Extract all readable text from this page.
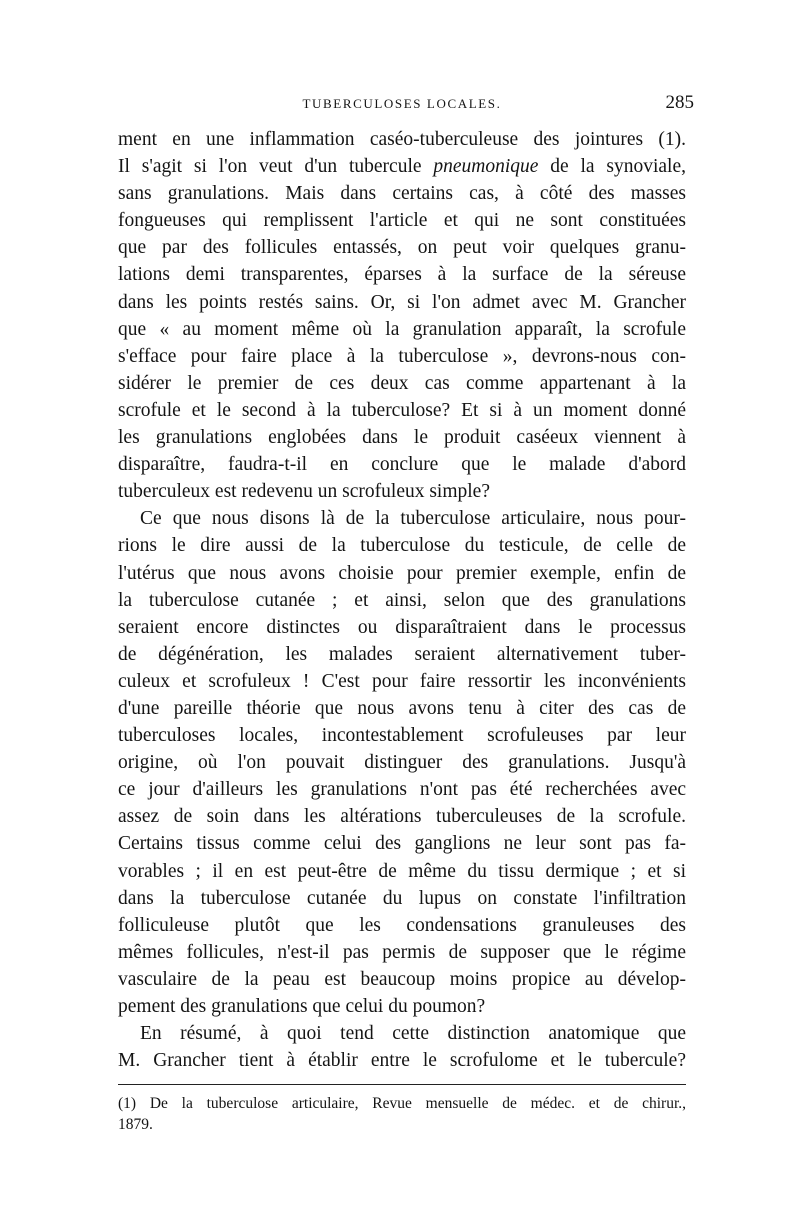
TUBERCULOSES LOCALES.	285
ment en une inflammation caséo-tuberculeuse des jointures (1).
Il s'agit si l'on veut d'un tubercule pneumonique de la synoviale,
sans granulations. Mais dans certains cas, à côté des masses
fongueuses qui remplissent l'article et qui ne sont constituées
que par des follicules entassés, on peut voir quelques granu-
lations demi transparentes, éparses à la surface de la séreuse
dans les points restés sains. Or, si l'on admet avec M. Grancher
que « au moment même où la granulation apparaît, la scrofule
s'efface pour faire place à la tuberculose », devrons-nous con-
sidérer le premier de ces deux cas comme appartenant à la
scrofule et le second à la tuberculose? Et si à un moment donné
les granulations englobées dans le produit caséeux viennent à
disparaître, faudra-t-il en conclure que le malade d'abord
tuberculeux est redevenu un scrofuleux simple?
Ce que nous disons là de la tuberculose articulaire, nous pour-
rions le dire aussi de la tuberculose du testicule, de celle de
l'utérus que nous avons choisie pour premier exemple, enfin de
la tuberculose cutanée ; et ainsi, selon que des granulations
seraient encore distinctes ou disparaîtraient dans le processus
de dégénération, les malades seraient alternativement tuber-
culeux et scrofuleux ! C'est pour faire ressortir les inconvénients
d'une pareille théorie que nous avons tenu à citer des cas de
tuberculoses locales, incontestablement scrofuleuses par leur
origine, où l'on pouvait distinguer des granulations. Jusqu'à
ce jour d'ailleurs les granulations n'ont pas été recherchées avec
assez de soin dans les altérations tuberculeuses de la scrofule.
Certains tissus comme celui des ganglions ne leur sont pas fa-
vorables ; il en est peut-être de même du tissu dermique ; et si
dans la tuberculose cutanée du lupus on constate l'infiltration
folliculeuse plutôt que les condensations granuleuses des
mêmes follicules, n'est-il pas permis de supposer que le régime
vasculaire de la peau est beaucoup moins propice au dévelop-
pement des granulations que celui du poumon?
En résumé, à quoi tend cette distinction anatomique que
M. Grancher tient à établir entre le scrofulome et le tubercule?
(1) De la tuberculose articulaire, Revue mensuelle de médec. et de chirur.,
1879.
